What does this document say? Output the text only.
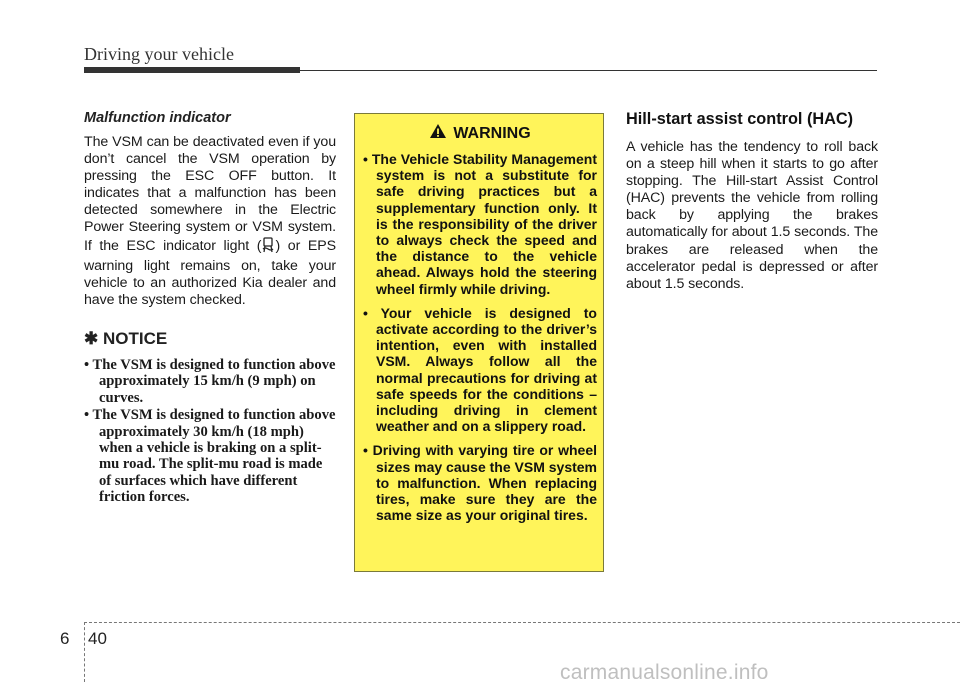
Driving your vehicle

Malfunction indicator

The VSM can be deactivated even if you don’t cancel the VSM operation by pressing the ESC OFF button. It indicates that a malfunction has been detected somewhere in the Electric Power Steering system or VSM system. If the ESC indicator light ( ) or EPS warning light remains on, take your vehicle to an authorized Kia dealer and have the system checked.

✱ NOTICE
• The VSM is designed to function above approximately 15 km/h (9 mph) on curves.
• The VSM is designed to function above approximately 30 km/h (18 mph) when a vehicle is braking on a split-mu road. The split-mu road is made of surfaces which have different friction forces.
WARNING
• The Vehicle Stability Management system is not a substitute for safe driving practices but a supplementary function only. It is the responsibility of the driver to always check the speed and the distance to the vehicle ahead. Always hold the steering wheel firmly while driving.
• Your vehicle is designed to activate according to the driver’s intention, even with installed VSM. Always follow all the normal precautions for driving at safe speeds for the conditions – including driving in clement weather and on a slippery road.
• Driving with varying tire or wheel sizes may cause the VSM system to malfunction. When replacing tires, make sure they are the same size as your original tires.

Hill-start assist control (HAC)

A vehicle has the tendency to roll back on a steep hill when it starts to go after stopping. The Hill-start Assist Control (HAC) prevents the vehicle from rolling back by applying the brakes automatically for about 1.5 seconds. The brakes are released when the accelerator pedal is depressed or after about 1.5 seconds.

6 40
carmanualsonline.info
